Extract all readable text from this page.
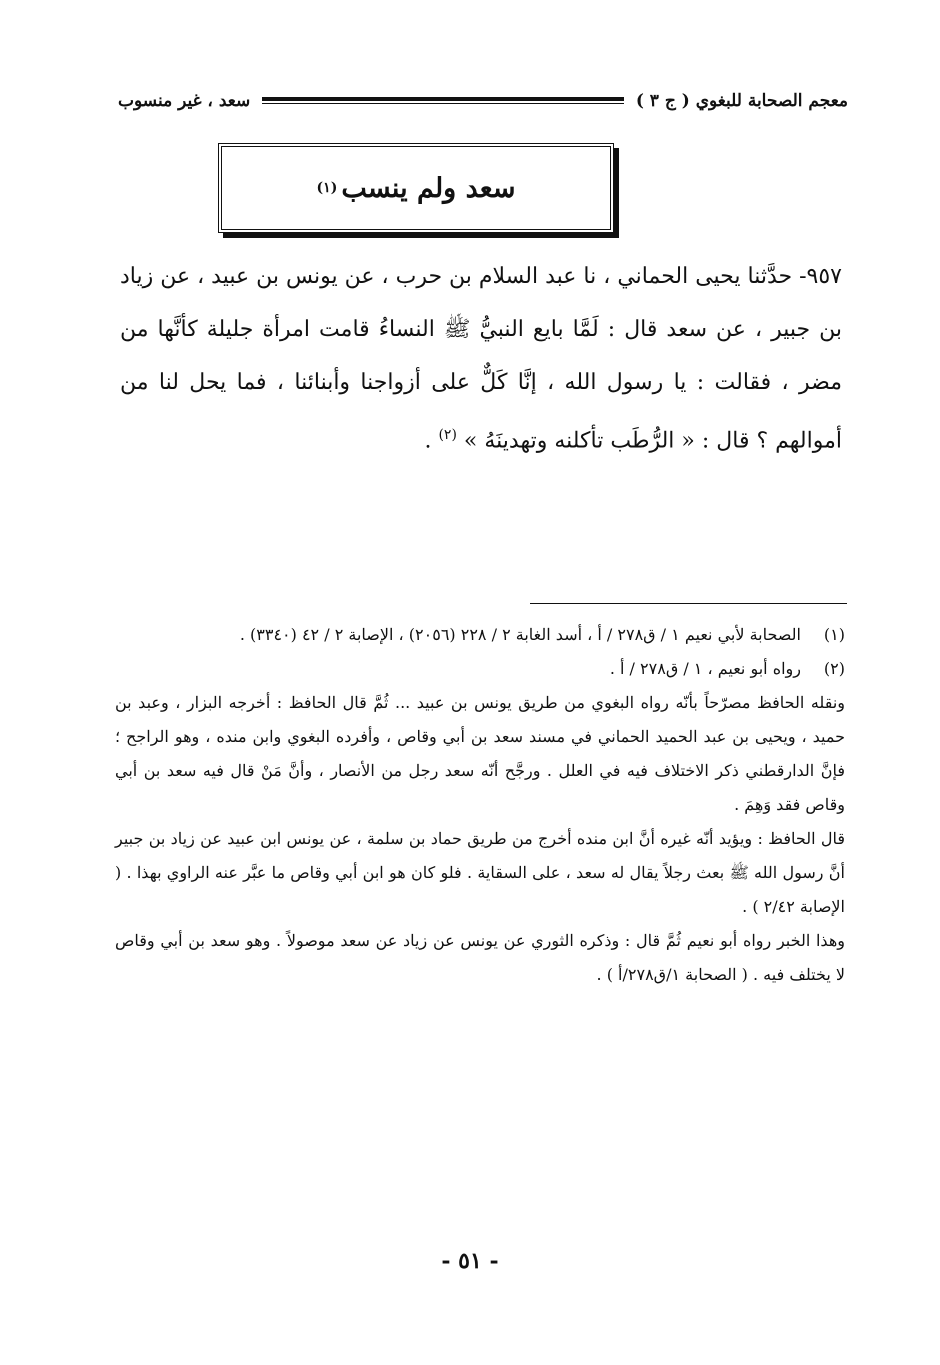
معجم الصحابة للبغوي ( ج ٣ )
سعد ، غير منسوب
سعد ولم ينسب
(١)
٩٥٧- حدَّثنا يحيى الحماني ، نا عبد السلام بن حرب ، عن يونس بن عبيد ، عن زياد بن جبير ، عن سعد قال : لَمَّا بايع النبيُّ ﷺ النساءُ قامت امرأة جليلة كأنَّها من مضر ، فقالت : يا رسول الله ، إنَّا كَلٌّ على أزواجنا وأبنائنا ، فما يحل لنا من أموالهم ؟ قال : « الرُّطَب تأكلنه وتهدينَهُ » $^{(٢)}$ .
(١)
الصحابة لأبي نعيم ١ / ق٢٧٨ / أ ، أسد الغابة ٢ / ٢٢٨ (٢٠٥٦) ، الإصابة ٢ / ٤٢ (٣٣٤٠) .
(٢)
رواه أبو نعيم ، ١ / ق٢٧٨ / أ .
ونقله الحافظ مصرّحاً بأنّه رواه البغوي من طريق يونس بن عبيد ... ثُمَّ قال الحافظ : أخرجه البزار ، وعبد بن حميد ، ويحيى بن عبد الحميد الحماني في مسند سعد بن أبي وقاص ، وأفرده البغوي وابن منده ، وهو الراجح ؛ فإنَّ الدارقطني ذكر الاختلاف فيه في العلل . ورجَّح أنّه سعد رجل من الأنصار ، وأنَّ مَنْ قال فيه سعد بن أبي وقاص فقد وَهِمَ .
قال الحافظ : ويؤيد أنّه غيره أنَّ ابن منده أخرج من طريق حماد بن سلمة ، عن يونس ابن عبيد عن زياد بن جبير أنَّ رسول الله ﷺ بعث رجلاً يقال له سعد ، على السقاية . فلو كان هو ابن أبي وقاص ما عبَّر عنه الراوي بهذا . ( الإصابة ٢/٤٢ ) .
وهذا الخبر رواه أبو نعيم ثُمَّ قال : وذكره الثوري عن يونس عن زياد عن سعد موصولاً . وهو سعد بن أبي وقاص لا يختلف فيه . ( الصحابة ١/ق٢٧٨/أ ) .
- ٥١ -
